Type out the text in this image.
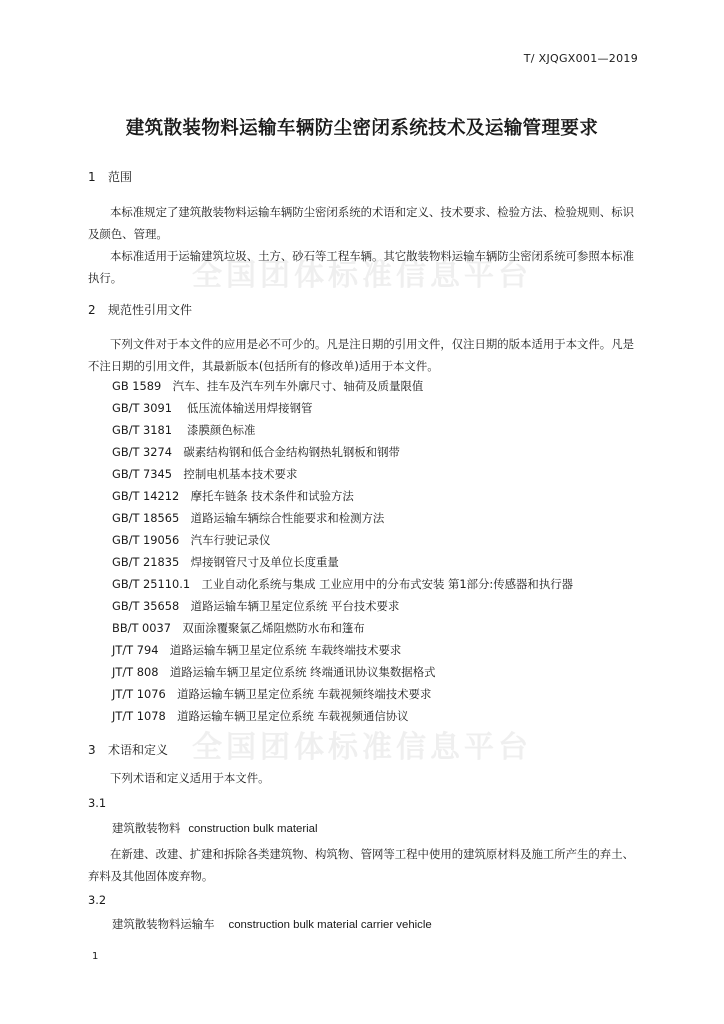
全国团体标准信息平台
全国团体标准信息平台
T/ XJQGX001—2019
建筑散装物料运输车辆防尘密闭系统技术及运输管理要求
1 范围
本标准规定了建筑散装物料运输车辆防尘密闭系统的术语和定义、技术要求、检验方法、检验规则、标识及颜色、管理。
本标准适用于运输建筑垃圾、土方、砂石等工程车辆。其它散装物料运输车辆防尘密闭系统可参照本标准执行。
2 规范性引用文件
下列文件对于本文件的应用是必不可少的。凡是注日期的引用文件，仅注日期的版本适用于本文件。凡是不注日期的引用文件，其最新版本(包括所有的修改单)适用于本文件。
GB 1589　汽车、挂车及汽车列车外廓尺寸、轴荷及质量限值
GB/T 3091　 低压流体输送用焊接钢管
GB/T 3181　 漆膜颜色标准
GB/T 3274　碳素结构钢和低合金结构钢热轧钢板和钢带
GB/T 7345　控制电机基本技术要求
GB/T 14212　摩托车链条 技术条件和试验方法
GB/T 18565　道路运输车辆综合性能要求和检测方法
GB/T 19056　汽车行驶记录仪
GB/T 21835　焊接钢管尺寸及单位长度重量
GB/T 25110.1　工业自动化系统与集成 工业应用中的分布式安装 第1部分:传感器和执行器
GB/T 35658　道路运输车辆卫星定位系统 平台技术要求
BB/T 0037　双面涂覆聚氯乙烯阻燃防水布和篷布
JT/T 794　道路运输车辆卫星定位系统 车载终端技术要求
JT/T 808　道路运输车辆卫星定位系统 终端通讯协议集数据格式
JT/T 1076　道路运输车辆卫星定位系统 车载视频终端技术要求
JT/T 1078　道路运输车辆卫星定位系统 车载视频通信协议
3 术语和定义
下列术语和定义适用于本文件。
3.1
建筑散装物料 construction bulk material
在新建、改建、扩建和拆除各类建筑物、构筑物、管网等工程中使用的建筑原材料及施工所产生的弃土、弃料及其他固体废弃物。
3.2
建筑散装物料运输车 construction bulk material carrier vehicle
1
